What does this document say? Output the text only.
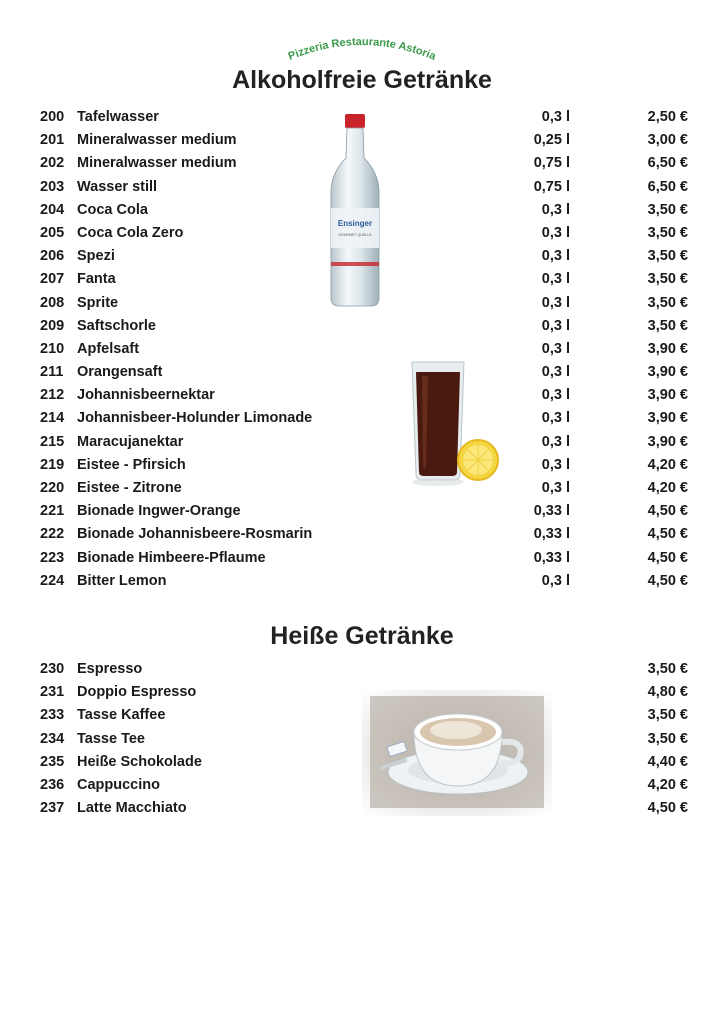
Pizzeria Restaurante Astoria
Alkoholfreie Getränke
200 Tafelwasser	0,3 l	2,50 €
201 Mineralwasser medium	0,25 l	3,00 €
202 Mineralwasser medium	0,75 l	6,50 €
203 Wasser still	0,75 l	6,50 €
204 Coca Cola	0,3 l	3,50 €
205 Coca Cola Zero	0,3 l	3,50 €
206 Spezi	0,3 l	3,50 €
207 Fanta	0,3 l	3,50 €
208 Sprite	0,3 l	3,50 €
209 Saftschorle	0,3 l	3,50 €
210 Apfelsaft	0,3 l	3,90 €
211 Orangensaft	0,3 l	3,90 €
212 Johannisbeernektar	0,3 l	3,90 €
214 Johannisbeer-Holunder Limonade	0,3 l	3,90 €
215 Maracujanektar	0,3 l	3,90 €
219 Eistee - Pfirsich	0,3 l	4,20 €
220 Eistee - Zitrone	0,3 l	4,20 €
221 Bionade Ingwer-Orange	0,33 l	4,50 €
222 Bionade Johannisbeere-Rosmarin	0,33 l	4,50 €
223 Bionade Himbeere-Pflaume	0,33 l	4,50 €
224 Bitter Lemon	0,3 l	4,50 €
Heiße Getränke
230 Espresso	3,50 €
231 Doppio Espresso	4,80 €
233 Tasse Kaffee	3,50 €
234 Tasse Tee	3,50 €
235 Heiße Schokolade	4,40 €
236 Cappuccino	4,20 €
237 Latte Macchiato	4,50 €
Ensinger
GOURMET QUELLE
